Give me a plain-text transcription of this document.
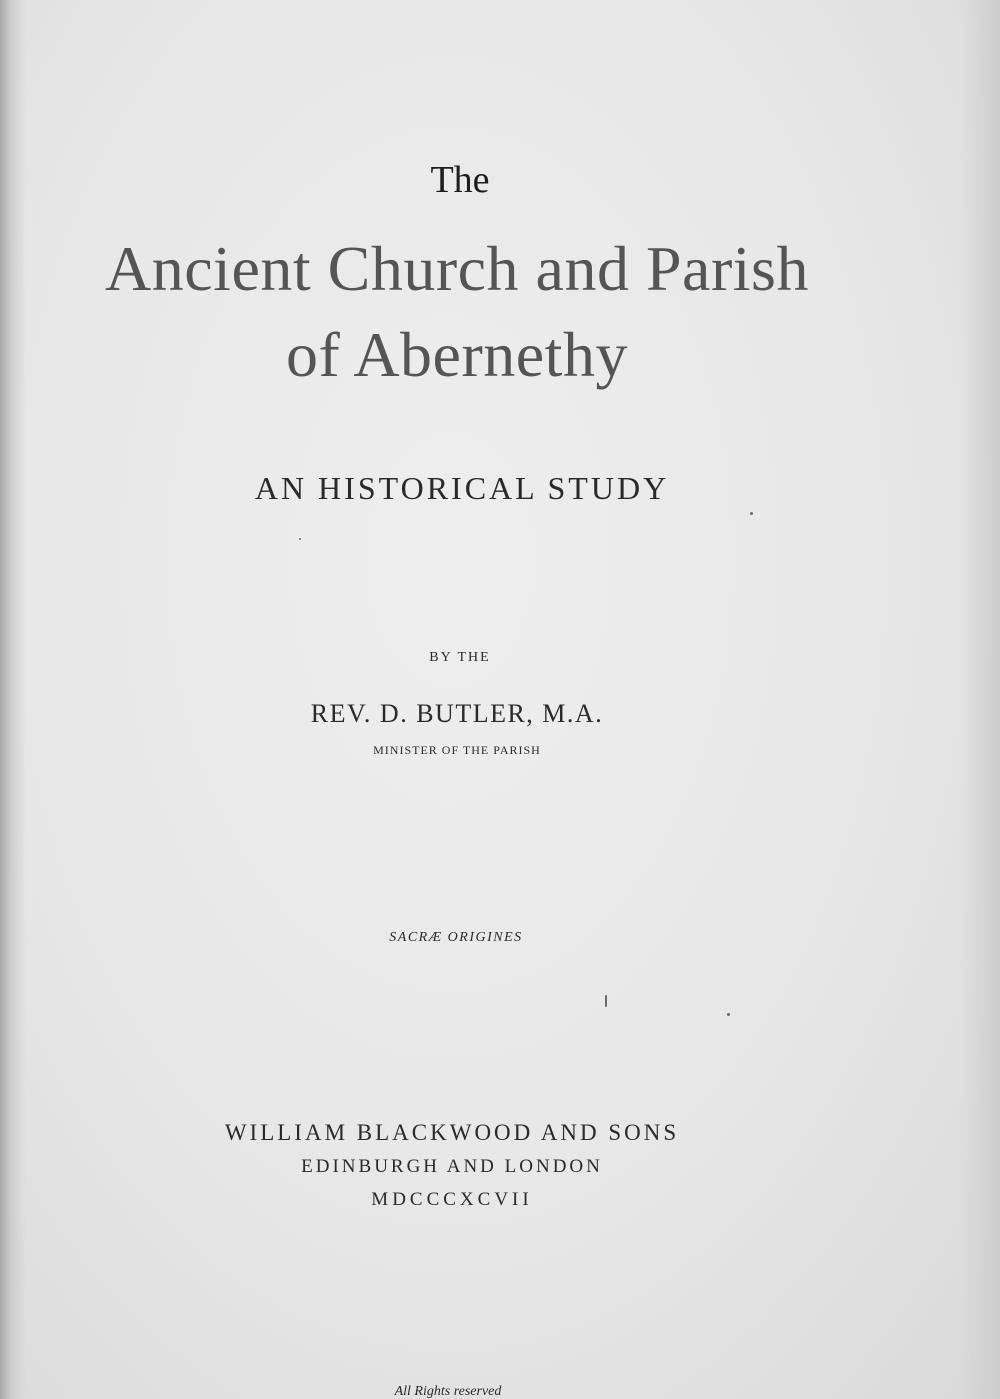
The
Ancient Church and Parish
of Abernethy
AN HISTORICAL STUDY
BY THE
REV. D. BUTLER, M.A.
MINISTER OF THE PARISH
SACRÆ ORIGINES
WILLIAM BLACKWOOD AND SONS
EDINBURGH AND LONDON
MDCCCXCVII
All Rights reserved
